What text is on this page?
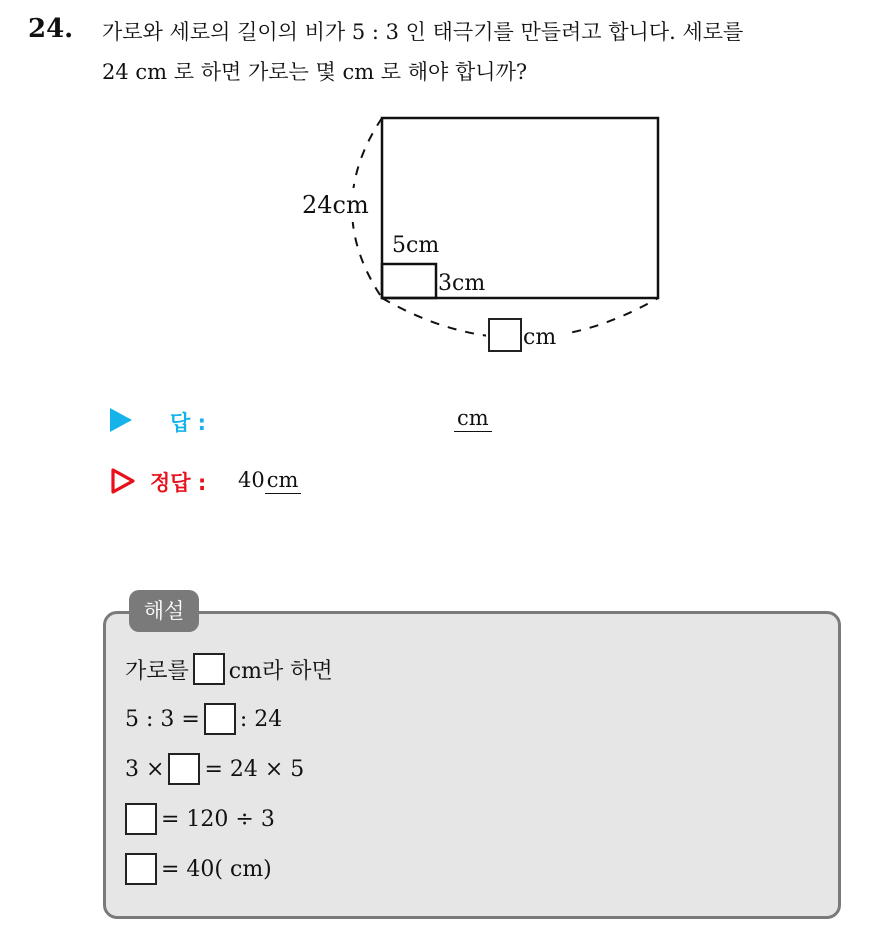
24. 가로와 세로의 길이의 비가 5 : 3 인 태극기를 만들려고 합니다. 세로를
24 cm 로 하면 가로는 몇 cm 로 해야 합니까?
24cm
5cm
3cm
cm
답 :	cm
정답 : 40cm
해설
가로를 cm라 하면
5 : 3 = : 24
3 × = 24 × 5
= 120 ÷ 3
= 40( cm)
